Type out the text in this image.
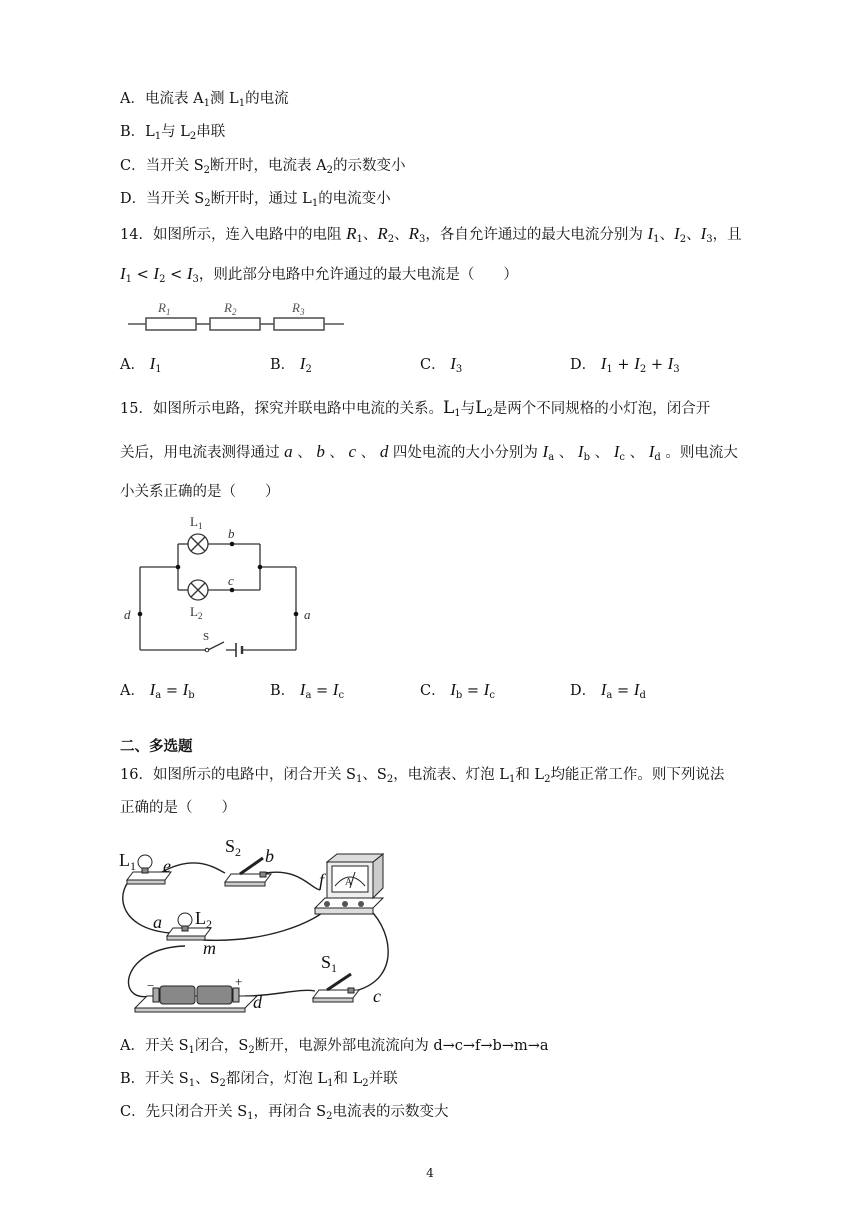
A．电流表 $A_1$测 $L_1$的电流
B．$L_1$与 $L_2$串联
C．当开关 $S_2$断开时，电流表 $A_2$的示数变小
D．当开关 $S_2$断开时，通过 $L_1$的电流变小
14．如图所示，连入电路中的电阻 $R_1$、$R_2$、$R_3$，各自允许通过的最大电流分别为 $I_1$、$I_2$、$I_3$，且
$I_1 < I_2 < I_3$，则此部分电路中允许通过的最大电流是（　　）
$R_1$	$R_2$	$R_3$
A． $I_1$	B． $I_2$	C． $I_3$	D． $I_1 + I_2 + I_3$
15．如图所示电路，探究并联电路中电流的关系。$L_1$与$L_2$是两个不同规格的小灯泡，闭合开
关后，用电流表测得通过 a 、 b 、 c 、 d 四处电流的大小分别为 $I_a$ 、 $I_b$ 、 $I_c$ 、 $I_d$ 。则电流大
小关系正确的是（　　）
$L_1$
$L_2$
b
c
d	a
S
A． $I_a = I_b$	B． $I_a = I_c$	C． $I_b = I_c$	D． $I_a = I_d$
二、多选题
16．如图所示的电路中，闭合开关 $S_1$、$S_2$，电流表、灯泡 $L_1$和 $L_2$均能正常工作。则下列说法
正确的是（　　）
$L_1$ e
$S_2$ b
f A
a $L_2$
m
$S_1$
c
d
−	+
A．开关 $S_1$闭合，$S_2$断开，电源外部电流流向为 d→c→f→b→m→a
B．开关 $S_1$、$S_2$都闭合，灯泡 $L_1$和 $L_2$并联
C．先只闭合开关 $S_1$，再闭合 $S_2$电流表的示数变大
4
